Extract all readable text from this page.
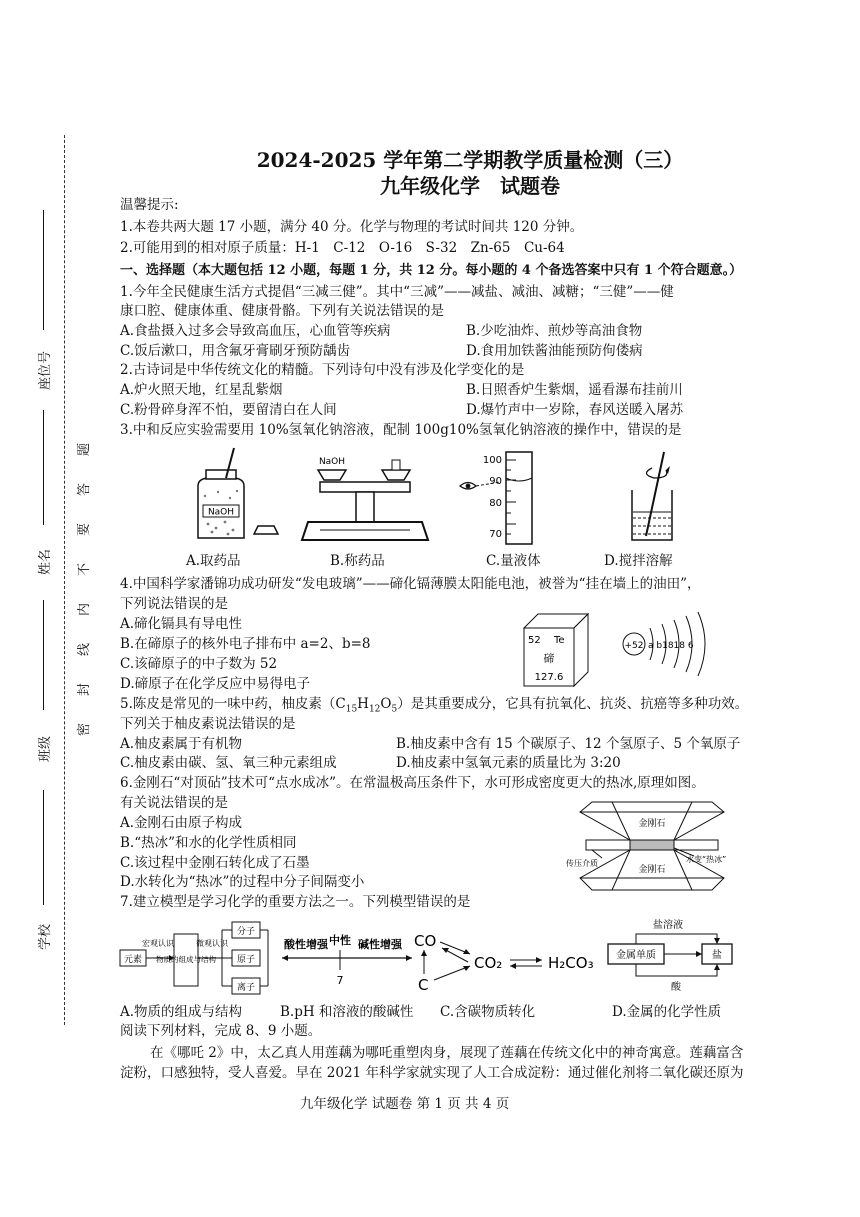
座位号
姓名
班级
学校
密
封
线
内
不
要
答
题
2024-2025 学年第二学期教学质量检测（三）
九年级化学　试题卷
温馨提示:
1.本卷共两大题 17 小题，满分 40 分。化学与物理的考试时间共 120 分钟。
2.可能用到的相对原子质量：H-1　C-12　O-16　S-32　Zn-65　Cu-64
一、选择题（本大题包括 12 小题，每题 1 分，共 12 分。每小题的 4 个备选答案中只有 1 个符合题意。）
1.今年全民健康生活方式提倡“三减三健”。其中“三减”——减盐、减油、减糖；“三健”——健
康口腔、健康体重、健康骨骼。下列有关说法错误的是
A.食盐摄入过多会导致高血压，心血管等疾病	B.少吃油炸、煎炒等高油食物
C.饭后漱口，用含氟牙膏刷牙预防龋齿	D.食用加铁酱油能预防佝偻病
2.古诗词是中华传统文化的精髓。下列诗句中没有涉及化学变化的是
A.炉火照天地，红星乱紫烟	B.日照香炉生紫烟，遥看瀑布挂前川
C.粉骨碎身浑不怕，要留清白在人间	D.爆竹声中一岁除，春风送暖入屠苏
3.中和反应实验需要用 10%氢氧化钠溶液，配制 100g10%氢氧化钠溶液的操作中，错误的是
NaOH
NaOH	100
90
80
70
A.取药品	B.称药品	C.量液体	D.搅拌溶解
4.中国科学家潘锦功成功研发“发电玻璃”——碲化镉薄膜太阳能电池，被誉为“挂在墙上的油田”，
下列说法错误的是
A.碲化镉具有导电性
B.在碲原子的核外电子排布中 a=2、b=8
C.该碲原子的中子数为 52
D.碲原子在化学反应中易得电子
52 Te
碲
127.6
+52 a b1818 6
5.陈皮是常见的一味中药，柚皮素$(C_{15}H_{12}O_5)$是其重要成分，它具有抗氧化、抗炎、抗癌等多种功效。
下列关于柚皮素说法错误的是
A.柚皮素属于有机物	B.柚皮素中含有 15 个碳原子、12 个氢原子、5 个氧原子
C.柚皮素由碳、氢、氧三种元素组成	D.柚皮素中氢氧元素的质量比为 3:20
6.金刚石“对顶砧”技术可“点水成冰”。在常温极高压条件下，水可形成密度更大的热冰,原理如图。
有关说法错误的是
A.金刚石由原子构成
B.“热冰”和水的化学性质相同
C.该过程中金刚石转化成了石墨
D.水转化为“热冰”的过程中分子间隔变小
金刚石
金刚石
传压介质	水变“热冰”
7.建立模型是学习化学的重要方法之一。下列模型错误的是
元素
宏观认识
物质的组成与结构
微观认识
分子
原子
离子
酸性增强 中性 碱性增强
7
CO
C
CO₂	H₂CO₃
盐溶液
金属单质	盐
酸
A.物质的组成与结构	B.pH 和溶液的酸碱性 C.含碳物质转化	D.金属的化学性质
阅读下列材料，完成 8、9 小题。
在《哪吒 2》中，太乙真人用莲藕为哪吒重塑肉身，展现了莲藕在传统文化中的神奇寓意。莲藕富含
淀粉，口感独特，受人喜爱。早在 2021 年科学家就实现了人工合成淀粉：通过催化剂将二氧化碳还原为
九年级化学 试题卷 第 1 页 共 4 页
